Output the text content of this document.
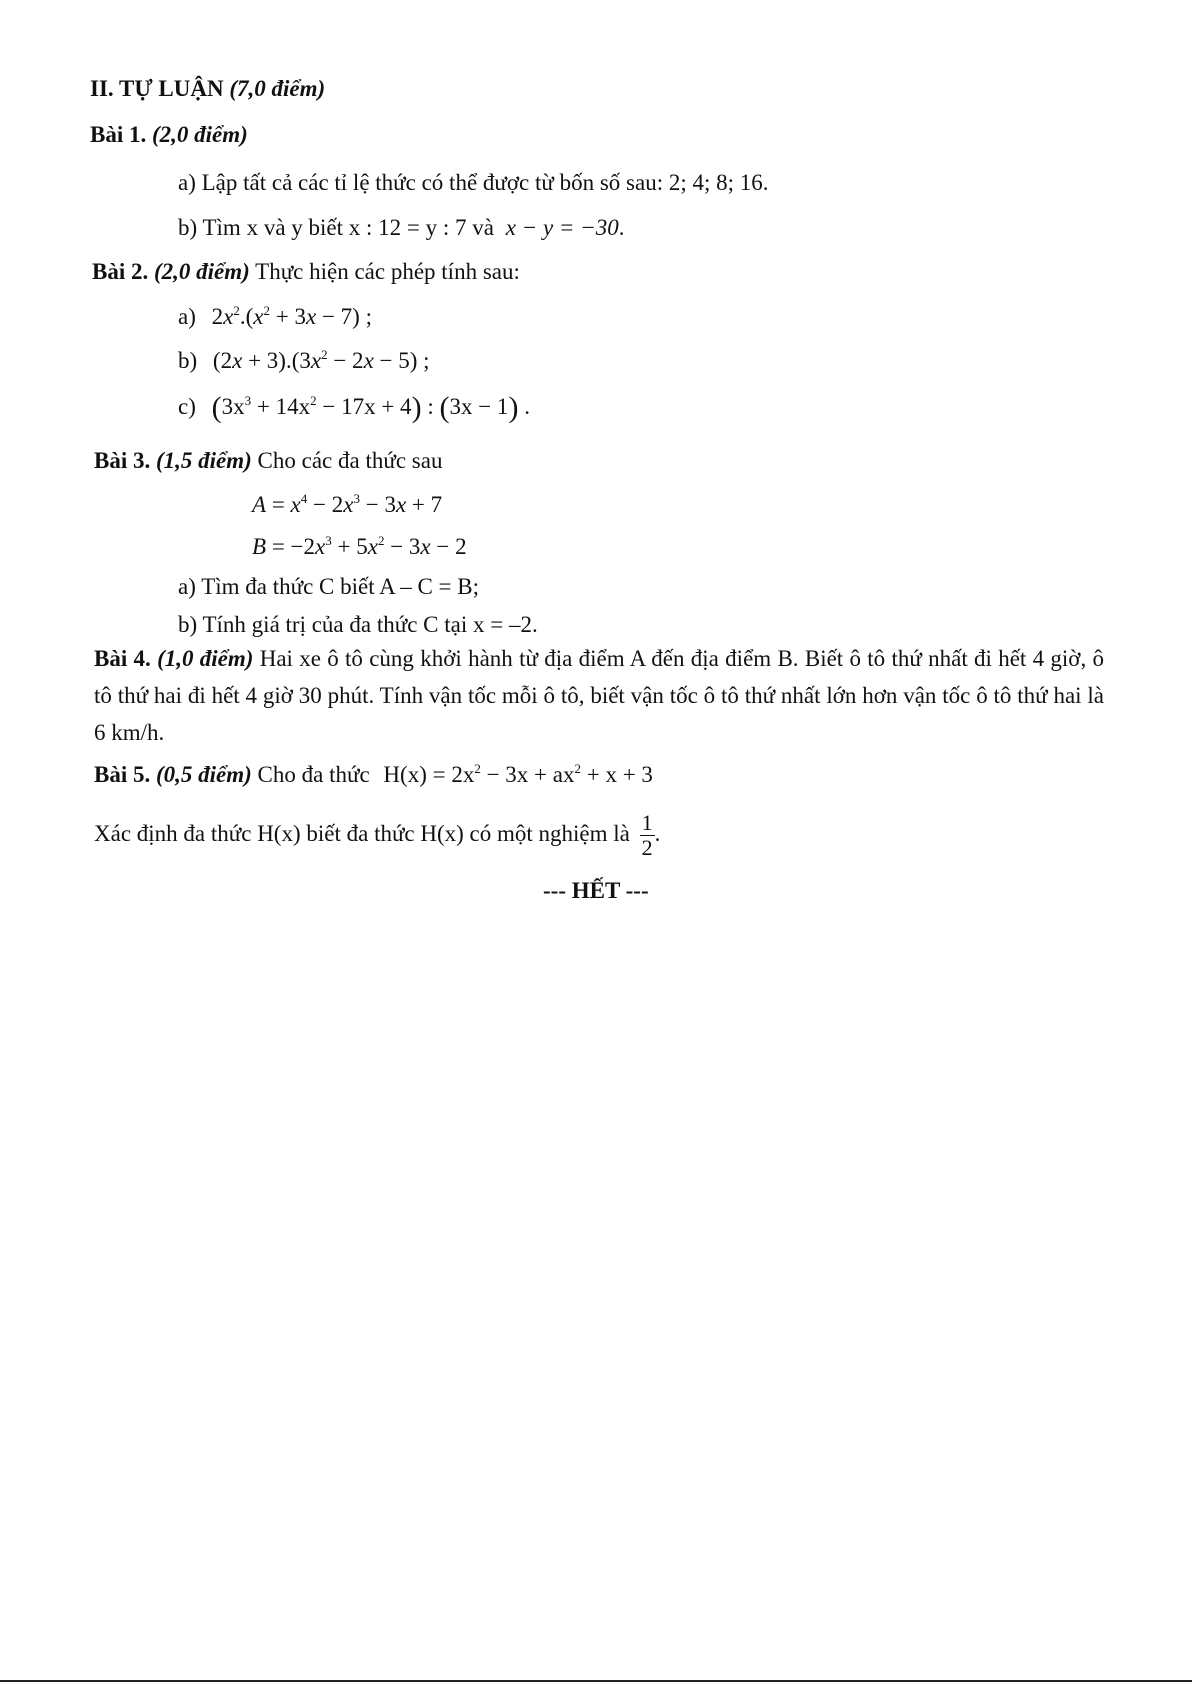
II. TỰ LUẬN (7,0 điểm)
Bài 1. (2,0 điểm)
a) Lập tất cả các tỉ lệ thức có thể được từ bốn số sau: 2; 4; 8; 16.
b) Tìm x và y biết x : 12 = y : 7 và x − y = −30.
Bài 2. (2,0 điểm) Thực hiện các phép tính sau:
a) $2x^2.(x^2 + 3x - 7)$ ;
b) $(2x + 3).(3x^2 - 2x - 5)$ ;
c) $(3x^3 + 14x^2 - 17x + 4)$ : (3x − 1) .
Bài 3. (1,5 điểm) Cho các đa thức sau
$A = x^4 - 2x^3 - 3x + 7$
$B = -2x^3 + 5x^2 - 3x - 2$
a) Tìm đa thức C biết A – C = B;
b) Tính giá trị của đa thức C tại x = –2.
Bài 4. (1,0 điểm) Hai xe ô tô cùng khởi hành từ địa điểm A đến địa điểm B. Biết ô tô thứ nhất đi hết 4 giờ, ô tô thứ hai đi hết 4 giờ 30 phút. Tính vận tốc mỗi ô tô, biết vận tốc ô tô thứ nhất lớn hơn vận tốc ô tô thứ hai là 6 km/h.
Bài 5. (0,5 điểm) Cho đa thức $H(x) = 2x^2 - 3x + ax^2 + x + 3$
Xác định đa thức H(x) biết đa thức H(x) có một nghiệm là $\frac{1}{2}$ .
--- HẾT ---
